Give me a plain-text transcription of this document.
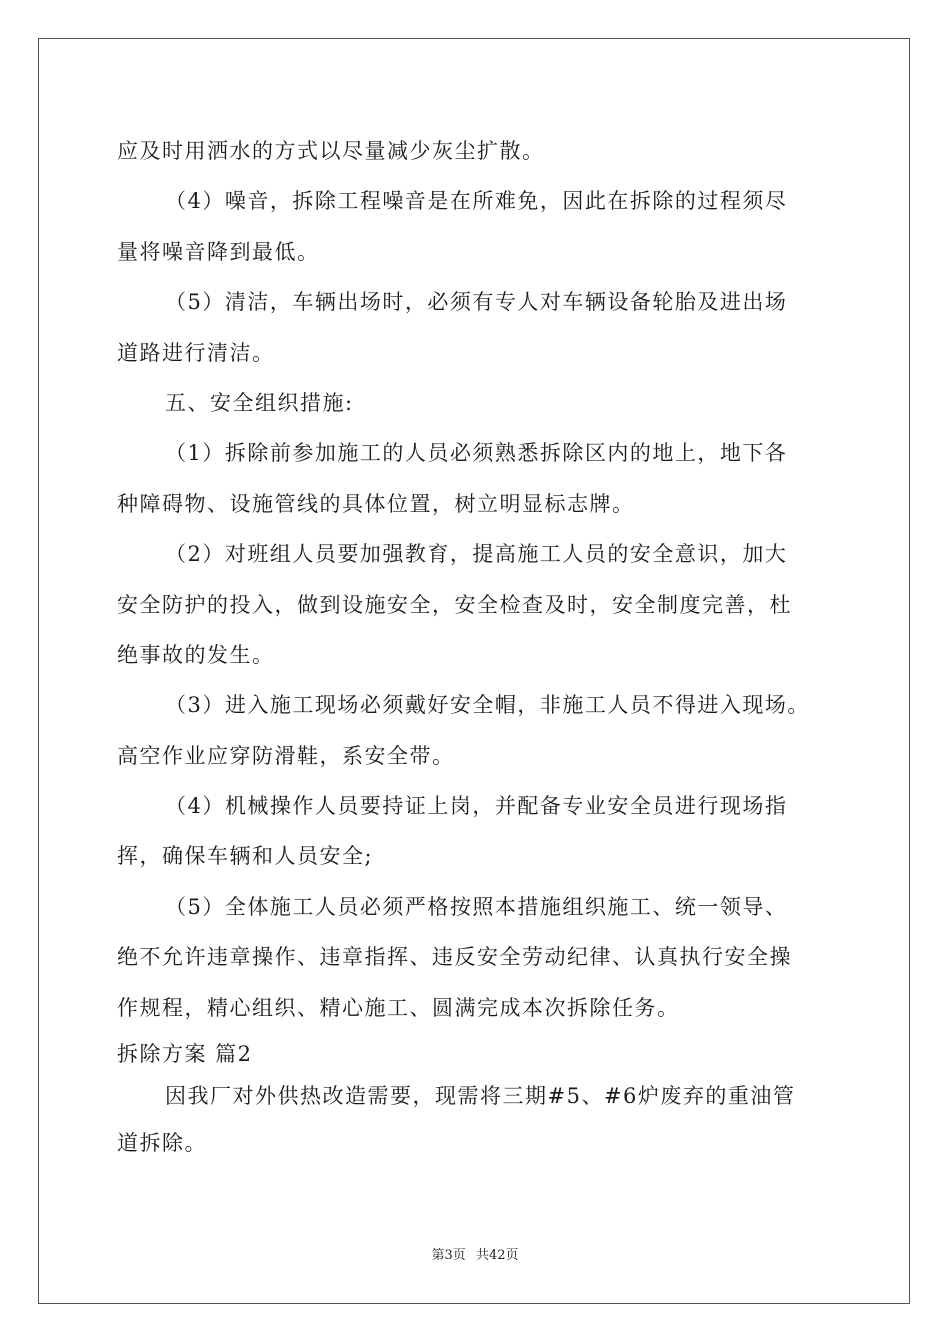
应及时用洒水的方式以尽量减少灰尘扩散。
（4）噪音，拆除工程噪音是在所难免，因此在拆除的过程须尽
量将噪音降到最低。
（5）清洁，车辆出场时，必须有专人对车辆设备轮胎及进出场
道路进行清洁。
五、安全组织措施:
（1）拆除前参加施工的人员必须熟悉拆除区内的地上，地下各
种障碍物、设施管线的具体位置，树立明显标志牌。
（2）对班组人员要加强教育，提高施工人员的安全意识，加大
安全防护的投入，做到设施安全，安全检查及时，安全制度完善，杜
绝事故的发生。
（3）进入施工现场必须戴好安全帽，非施工人员不得进入现场。
高空作业应穿防滑鞋，系安全带。
（4）机械操作人员要持证上岗，并配备专业安全员进行现场指
挥，确保车辆和人员安全;
（5）全体施工人员必须严格按照本措施组织施工、统一领导、
绝不允许违章操作、违章指挥、违反安全劳动纪律、认真执行安全操
作规程，精心组织、精心施工、圆满完成本次拆除任务。
拆除方案 篇2
因我厂对外供热改造需要，现需将三期#5、#6炉废弃的重油管
道拆除。
第3页 共42页
